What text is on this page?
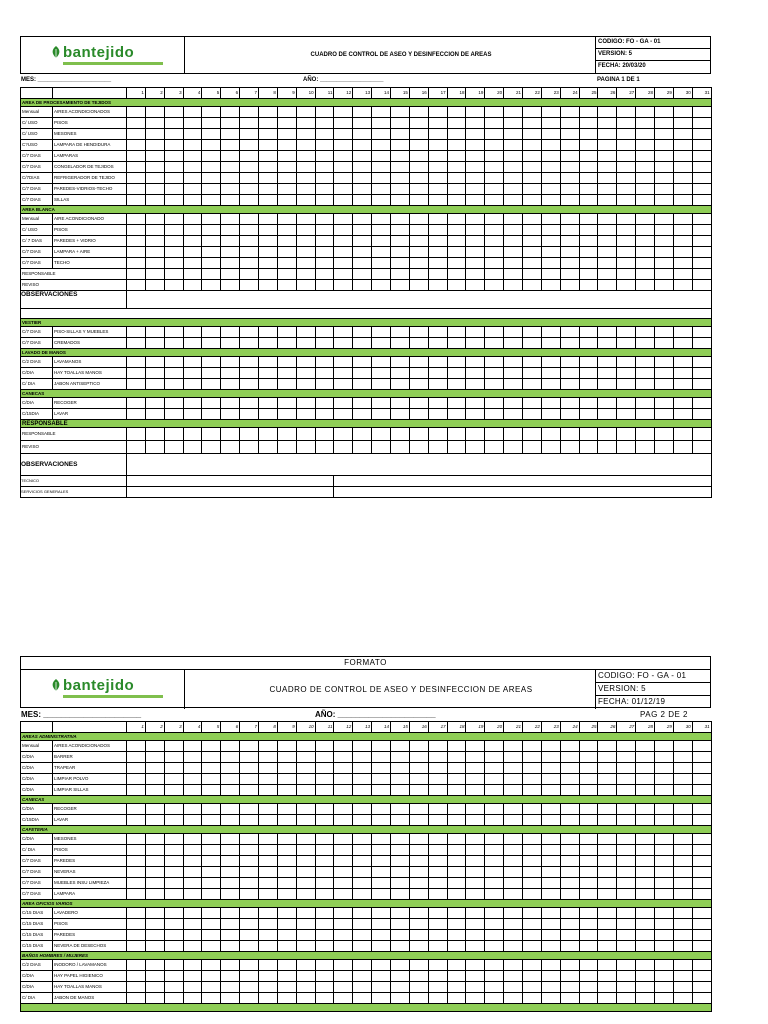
bantejido	CUADRO DE CONTROL DE ASEO Y DESINFECCION DE AREAS
CODIGO: FO - GA - 01
VERSION: 5
FECHA: 20/03/20
MES: ______________________	AÑO: ___________________	PAGINA 1 DE 1
		1	2	3	4	5	6	7	8	9	10	11	12	13	14	15	16	17	18	19	20	21	22	23	24	25	26	27	28	29	30	31
AREA DE PROCESAMIENTO DE TEJIDOS																																
Mensual	AIRES ACONDICIONADOS																															
C/ USO	PISOS																															
C/ USO	MESONES																															
C?USO	LAMPARA DE HENDIDURA																															
C/7 DIAS	LAMPARAS																															
C/7 DIAS	CONGELADOR DE TEJIDOS																															
C/7DIAS	REFRIGERADOR DE TEJIDO																															
C/7 DIAS	PAREDES-VIDRIOS-TECHO																															
C/7 DIAS	SILLAS																															
AREA BLANCA																																
Mensual	AIRE ACONDICIONADO																															
C/ USO	PISOS																															
C/ 7 DIAS	PAREDES + VIDRIO																															
C/7 DIAS	LAMPARA + AIRE																															
C/7 DIAS	TECHO																															
RESPONSABLE																																
REVISO																																
OBSERVACIONES																																

VESTIER																																
C/7 DIAS	PISO-SILLAS Y MUEBLES																															
C/7 DIAS	CREMADOS																															
LAVADO DE MANOS																																
C/2 DIAS	LAVAMANOS																															
C/DIA	HAY TOALLAS MANOS																															
C/ DIA	JABON ANTISEPTICO																															
CANECAS																																
C/DIA	RECOGER																															
C/15DIA	LAVAR																															
RESPONSABLE																																
RESPONSABLE																																
REVISO																																
OBSERVACIONES																																
TECNICO																																
SERVICIOS GENERALES																																
FORMATO
bantejido	CUADRO DE CONTROL DE ASEO Y DESINFECCION DE AREAS
CODIGO: FO - GA - 01
VERSION: 5
FECHA: 01/12/19
MES: ______________________	AÑO: ______________________	PAG 2 DE 2
		1	2	3	4	5	6	7	8	9	10	11	12	13	14	15	16	17	18	19	20	21	22	23	24	25	26	27	28	29	30	31
AREAS ADMINISTRATIVA																																
Mensual	AIRES ACONDICIONADOS																															
C/DIA	BARRER																															
C/DIA	TRAPEAR																															
C/DIA	LIMPIAR POLVO																															
C/DIA	LIMPIAR SILLAS																															
CANECAS																																
C/DIA	RECOGER																															
C/15DIA	LAVAR																															
CAFETERIA																																
C/DIA	MESONES																															
C/ DIA	PISOS																															
C/7 DIAS	PAREDES																															
C/7 DIAS	NEVERAS																															
C/7 DIAS	MUEBLES INSU LIMPIEZA																															
C/7 DIAS	LAMPARA																															
AREA OFICIOS VARIOS																																
C/15 DIAS	LAVADERO																															
C/15 DIAS	PISOS																															
C/15 DIAS	PAREDES																															
C/15 DIAS	NEVERA DE DESECHOS																															
BAÑOS HOMBRES / MUJERES																																
C/2 DIAS	INODORO / LAVAMANOS																															
C/DIA	HAY PAPEL HIGIENICO																															
C/DIA	HAY TOALLAS MANOS																															
C/ DIA	JABON DE MANOS																															
